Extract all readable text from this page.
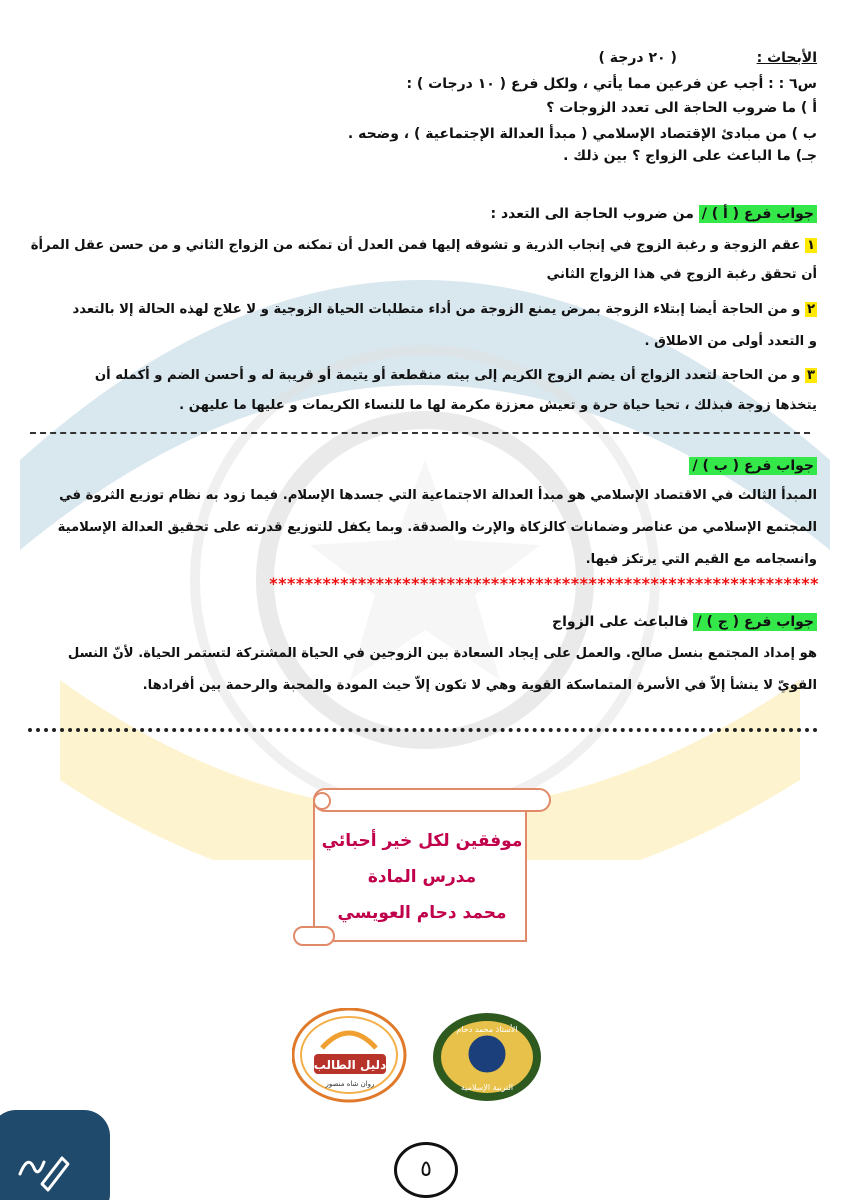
الأبحاث :  ( ٢٠ درجة )
س٦ : : أجب عن فرعين مما يأتي ، ولكل فرع ( ١٠ درجات ) :
أ ) ما ضروب الحاجة الى تعدد الزوجات ؟
ب ) من مبادئ الإقتصاد الإسلامي ( مبدأ العدالة الإجتماعية ) ، وضحه .
جـ) ما الباعث على الزواج ؟ بين ذلك .
جواب فرع ( أ ) / من ضروب الحاجة الى التعدد :
١ عقم الزوجة و رغبة الزوج في إنجاب الذرية و تشوقه إليها فمن العدل أن تمكنه من الزواج الثاني و من حسن عقل المرأة
أن تحقق رغبة الزوج في هذا الزواج الثاني
٢ و من الحاجة أيضا إبتلاء الزوجة بمرض يمنع الزوجة من أداء متطلبات الحياة الزوجية و لا علاج لهذه الحالة إلا بالتعدد
و التعدد أولى من الاطلاق .
٣ و من الحاجة لتعدد الزواج أن يضم الزوج الكريم إلى بيته منقطعة أو يتيمة أو قريبة له و أحسن الضم و أكمله أن
يتخذها زوجة فبذلك ، تحيا حياة حرة و تعيش معززة مكرمة لها ما للنساء الكريمات و عليها ما عليهن .
جواب فرع ( ب ) /
المبدأ الثالث في الاقتصاد الإسلامي هو مبدأ العدالة الاجتماعية التي جسدها الإسلام. فيما زود به نظام توزيع الثروة في
المجتمع الإسلامي من عناصر وضمانات كالزكاة والإرث والصدقة. وبما يكفل للتوزيع قدرته على تحقيق العدالة الإسلامية
وانسجامه مع القيم التي يرتكز فيها.
**************************************************************
جواب فرع ( ج ) / فالباعث على الزواج
هو إمداد المجتمع بنسل صالح. والعمل على إيجاد السعادة بين الزوجين في الحياة المشتركة لتستمر الحياة. لأنّ النسل
القويّ لا ينشأ إلاّ في الأسرة المتماسكة القوية وهي لا تكون إلاّ حيث المودة والمحبة والرحمة بين أفرادها.
موفقين لكل خير أحبائي
مدرس المادة
محمد دحام العويسي
الأستاذ محمد دحام
التربية الإسلامية
دليل الطالب
روان شاه منصور
٥
